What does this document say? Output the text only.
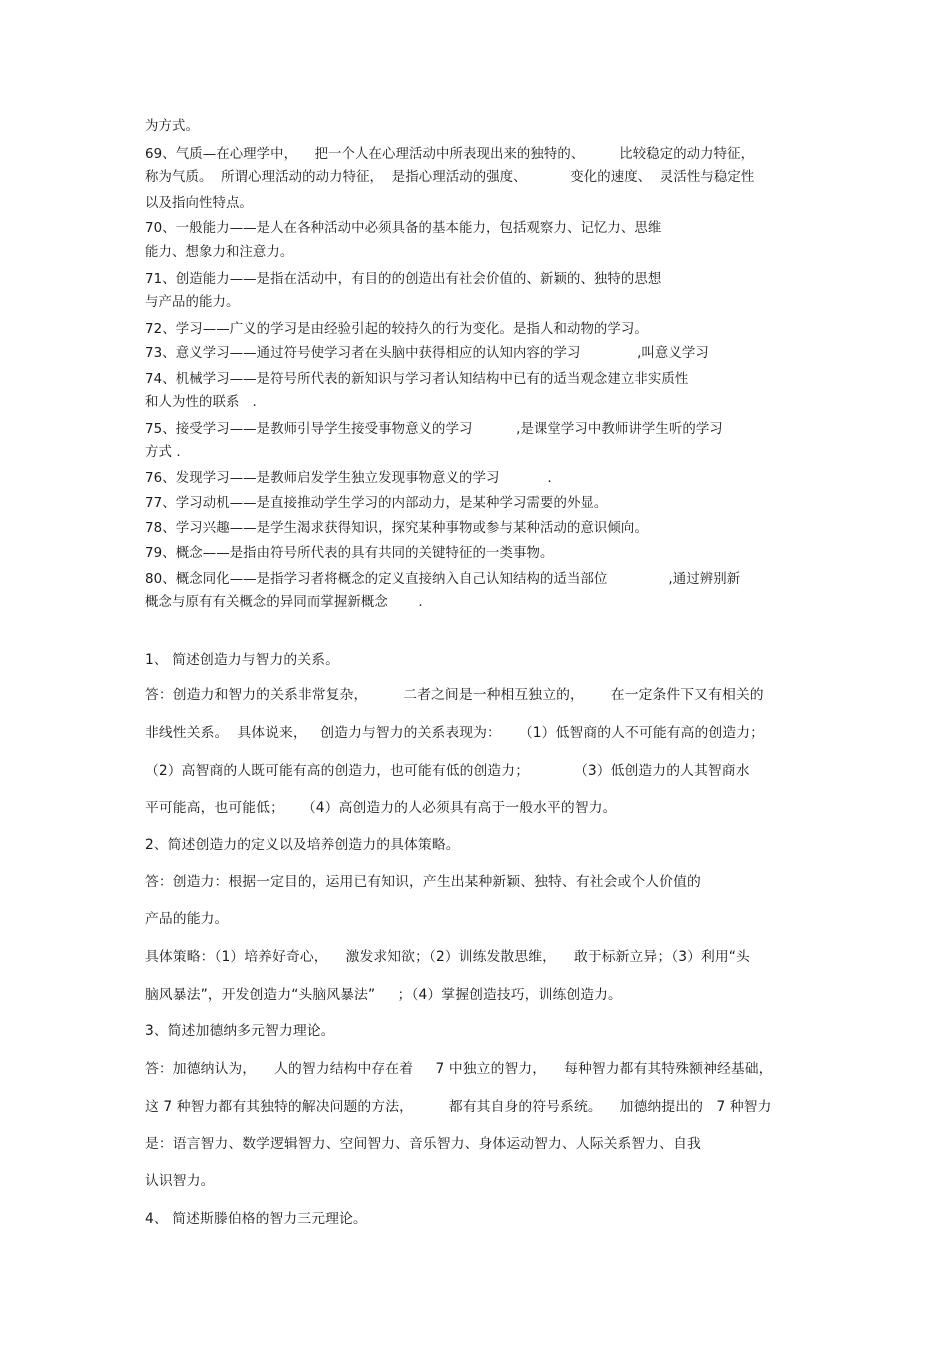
为方式。
69、气质—在心理学中，    把一个人在心理活动中所表现出来的独特的、        比较稳定的动力特征，
称为气质。  所谓心理活动的动力特征，  是指心理活动的强度、          变化的速度、  灵活性与稳定性
以及指向性特点。
70、一般能力——是人在各种活动中必须具备的基本能力，包括观察力、记忆力、思维
能力、想象力和注意力。
71、创造能力——是指在活动中，有目的的创造出有社会价值的、新颖的、独特的思想
与产品的能力。
72、学习——广义的学习是由经验引起的较持久的行为变化。是指人和动物的学习。
73、意义学习——通过符号使学习者在头脑中获得相应的认知内容的学习             ,叫意义学习
74、机械学习——是符号所代表的新知识与学习者认知结构中已有的适当观念建立非实质性
和人为性的联系   .
75、接受学习——是教师引导学生接受事物意义的学习          ,是课堂学习中教师讲学生听的学习
方式 .
76、发现学习——是教师启发学生独立发现事物意义的学习           .
77、学习动机——是直接推动学生学习的内部动力，是某种学习需要的外显。
78、学习兴趣——是学生渴求获得知识，探究某种事物或参与某种活动的意识倾向。
79、概念——是指由符号所代表的具有共同的关键特征的一类事物。
80、概念同化——是指学习者将概念的定义直接纳入自己认知结构的适当部位              ,通过辨别新
概念与原有有关概念的异同而掌握新概念       .
1、 简述创造力与智力的关系。
答：创造力和智力的关系非常复杂，        二者之间是一种相互独立的，      在一定条件下又有相关的
非线性关系。  具体说来，   创造力与智力的关系表现为：    （1）低智商的人不可能有高的创造力；
（2）高智商的人既可能有高的创造力，也可能有低的创造力；          （3）低创造力的人其智商水
平可能高，也可能低；    （4）高创造力的人必须具有高于一般水平的智力。
2、简述创造力的定义以及培养创造力的具体策略。
答：创造力：根据一定目的，运用已有知识，产生出某种新颖、独特、有社会或个人价值的
产品的能力。
具体策略：（1）培养好奇心，    激发求知欲；（2）训练发散思维，    敢于标新立异；（3）利用“头
脑风暴法”，开发创造力“头脑风暴法”     ；（4）掌握创造技巧，训练创造力。
3、简述加德纳多元智力理论。
答：加德纳认为，    人的智力结构中存在着     7 中独立的智力，    每种智力都有其特殊额神经基础，
这 7 种智力都有其独特的解决问题的方法，        都有其自身的符号系统。    加德纳提出的   7 种智力
是：语言智力、数学逻辑智力、空间智力、音乐智力、身体运动智力、人际关系智力、自我
认识智力。
4、 简述斯滕伯格的智力三元理论。
